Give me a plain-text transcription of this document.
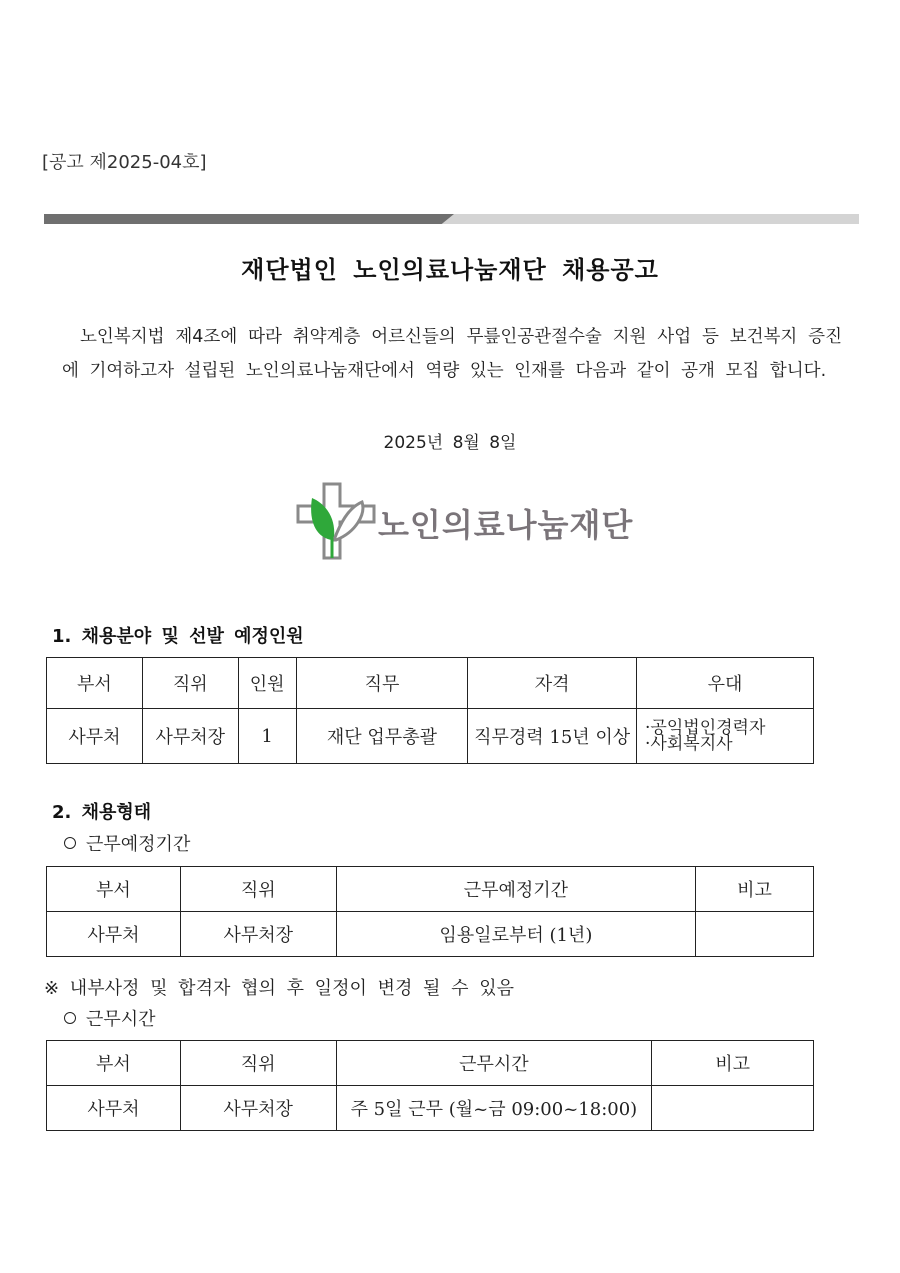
[공고 제2025-04호]
재단법인 노인의료나눔재단 채용공고
노인복지법 제4조에 따라 취약계층 어르신들의 무릎인공관절수술 지원 사업 등 보건복지 증진에 기여하고자 설립된 노인의료나눔재단에서 역량 있는 인재를 다음과 같이 공개 모집 합니다.
2025년 8월 8일
노인의료나눔재단
1. 채용분야 및 선발 예정인원
부서	직위	인원	직무	자격	우대
사무처	사무처장	1	재단 업무총괄	직무경력 15년 이상	·공익법인경력자
·사회복지사
2. 채용형태
근무예정기간
부서	직위	근무예정기간	비고
사무처	사무처장	임용일로부터 (1년)	
※ 내부사정 및 합격자 협의 후 일정이 변경 될 수 있음
근무시간
부서	직위	근무시간	비고
사무처	사무처장	주 5일 근무 (월~금 09:00~18:00)	
